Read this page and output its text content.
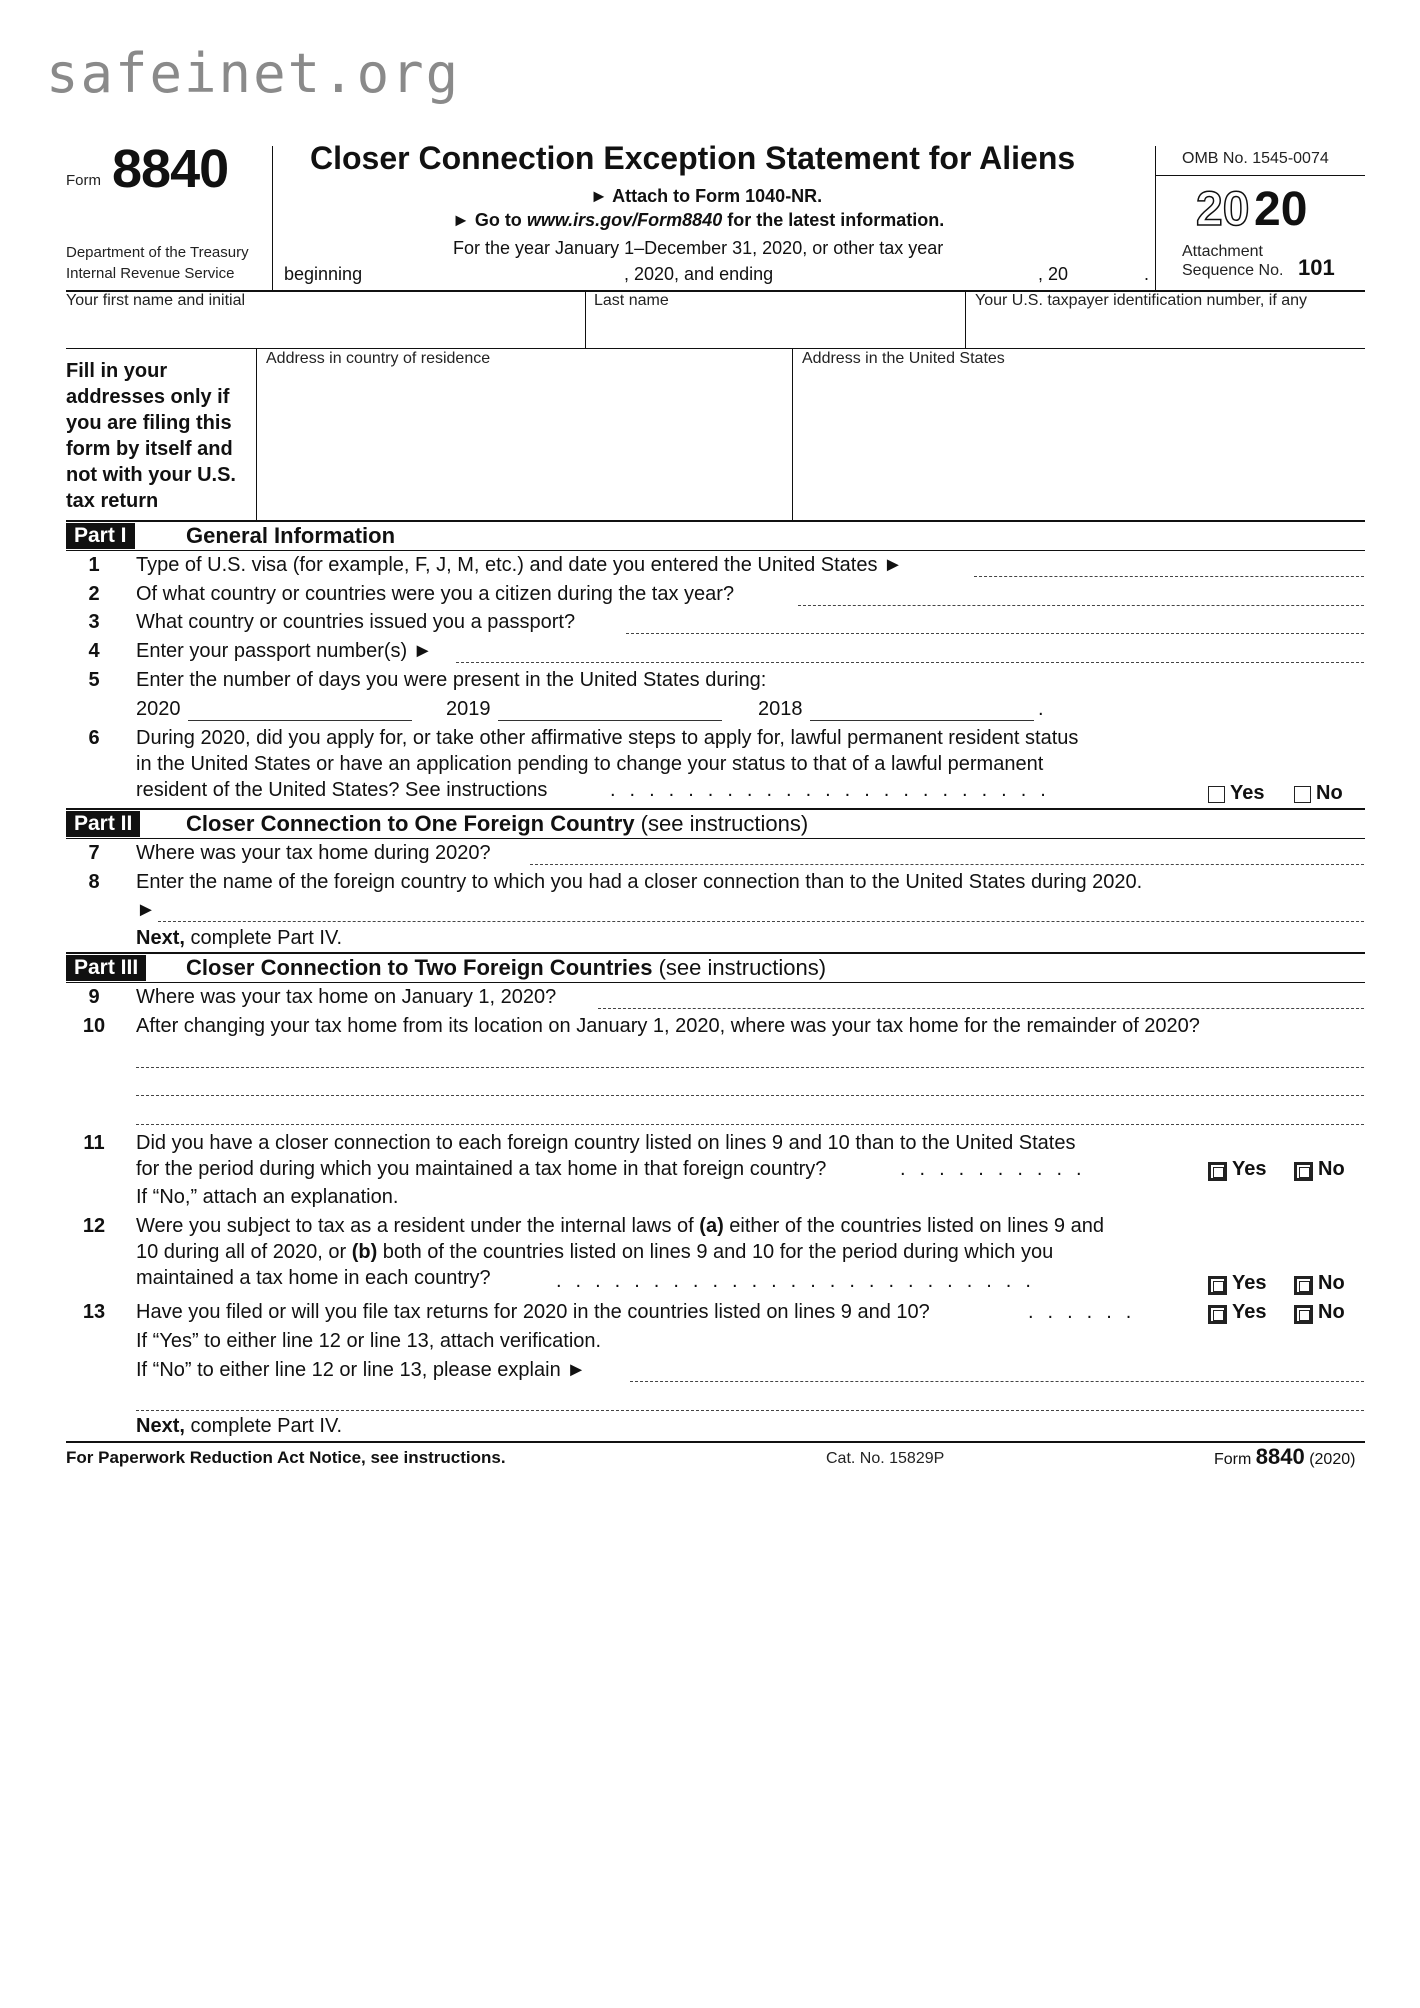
safeinet.org
Form 8840
Department of the Treasury
Internal Revenue Service
Closer Connection Exception Statement for Aliens
► Attach to Form 1040-NR.
► Go to www.irs.gov/Form8840 for the latest information.
For the year January 1–December 31, 2020, or other tax year
beginning	, 2020, and ending	, 20	.
OMB No. 1545-0074
20 20
Attachment
Sequence No. 101
Your first name and initial	Last name	Your U.S. taxpayer identification number, if any
Fill in your
addresses only if
you are filing this
form by itself and
not with your U.S.
tax return
Address in country of residence	Address in the United States
Part I	General Information
1	Type of U.S. visa (for example, F, J, M, etc.) and date you entered the United States ►
2	Of what country or countries were you a citizen during the tax year?
3	What country or countries issued you a passport?
4	Enter your passport number(s) ►
5	Enter the number of days you were present in the United States during:
2020	2019	2018	.
6	During 2020, did you apply for, or take other affirmative steps to apply for, lawful permanent resident status
in the United States or have an application pending to change your status to that of a lawful permanent
resident of the United States? See instructions	.......................	Yes	No
Part II	Closer Connection to One Foreign Country (see instructions)
7	Where was your tax home during 2020?
8	Enter the name of the foreign country to which you had a closer connection than to the United States during 2020.
►
Next, complete Part IV.
Part III	Closer Connection to Two Foreign Countries (see instructions)
9	Where was your tax home on January 1, 2020?
10	After changing your tax home from its location on January 1, 2020, where was your tax home for the remainder of 2020?
11	Did you have a closer connection to each foreign country listed on lines 9 and 10 than to the United States
for the period during which you maintained a tax home in that foreign country?	..........	Yes	No
If “No,” attach an explanation.
12	Were you subject to tax as a resident under the internal laws of (a) either of the countries listed on lines 9 and
10 during all of 2020, or (b) both of the countries listed on lines 9 and 10 for the period during which you
maintained a tax home in each country?	.........................	Yes	No
13	Have you filed or will you file tax returns for 2020 in the countries listed on lines 9 and 10?	......	Yes	No
If “Yes” to either line 12 or line 13, attach verification.
If “No” to either line 12 or line 13, please explain ►
Next, complete Part IV.
For Paperwork Reduction Act Notice, see instructions.	Cat. No. 15829P	Form 8840 (2020)
